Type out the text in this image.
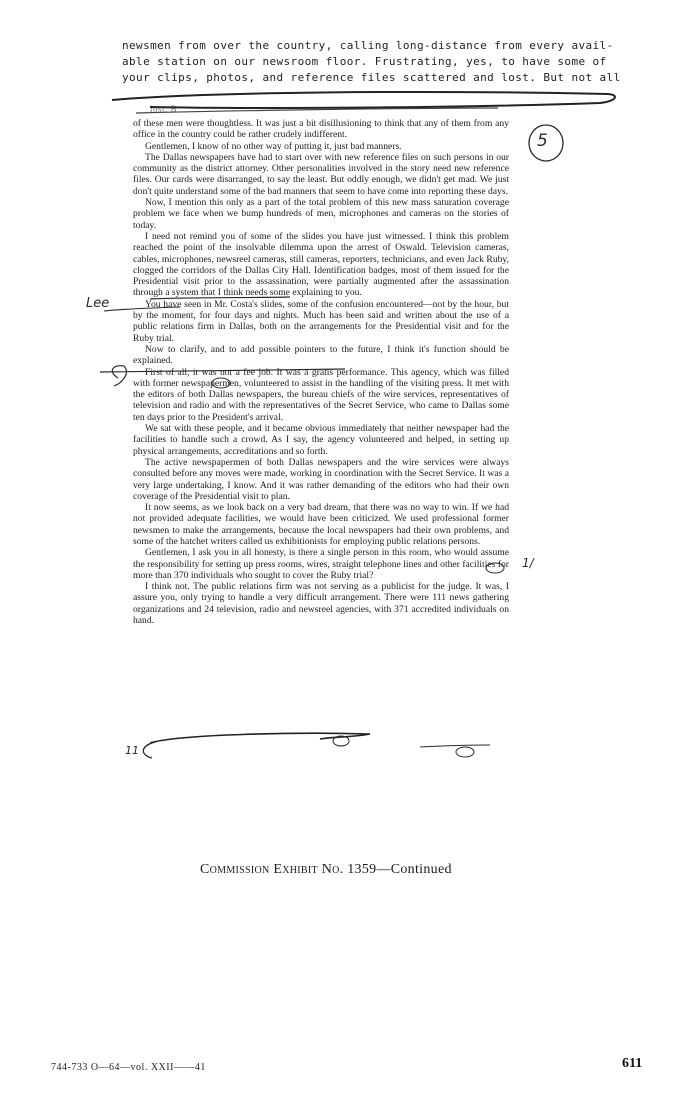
newsmen from over the country, calling long-distance from every avail-
able station on our newsroom floor. Frustrating, yes, to have some of
your clips, photos, and reference files scattered and lost. But not all
lost. B

of these men were thoughtless. It was just a bit disillusioning to think that any of them from any office in the country could be rather crudely indifferent.

Gentlemen, I know of no other way of putting it, just bad manners.

The Dallas newspapers have had to start over with new reference files on such persons in our community as the district attorney. Other personalities involved in the story need new reference files. Our cards were disarranged, to say the least. But oddly enough, we didn't get mad. We just don't quite understand some of the bad manners that seem to have come into reporting these days.

Now, I mention this only as a part of the total problem of this new mass saturation coverage problem we face when we bump hundreds of men, microphones and cameras on the stories of today.

I need not remind you of some of the slides you have just witnessed. I think this problem reached the point of the insolvable dilemma upon the arrest of Oswald. Television cameras, cables, microphones, newsreel cameras, still cameras, reporters, technicians, and even Jack Ruby, clogged the corridors of the Dallas City Hall. Identification badges, most of them issued for the Presidential visit prior to the assassination, were partially augmented after the assassination through a system that I think needs some explaining to you.

You have seen in Mr. Costa's slides, some of the confusion encountered—not by the hour, but by the moment, for four days and nights. Much has been said and written about the use of a public relations firm in Dallas, both on the arrangements for the Presidential visit and for the Ruby trial.

Now to clarify, and to add possible pointers to the future, I think it's function should be explained.

First of all, it was not a fee job. It was a gratis performance. This agency, which was filled with former newspapermen, volunteered to assist in the handling of the visiting press. It met with the editors of both Dallas newspapers, the bureau chiefs of the wire services, representatives of television and radio and with the representatives of the Secret Service, who came to Dallas some ten days prior to the President's arrival.

We sat with these people, and it became obvious immediately that neither newspaper had the facilities to handle such a crowd. As I say, the agency volunteered and helped, in setting up physical arrangements, accreditations and so forth.

The active newspapermen of both Dallas newspapers and the wire services were always consulted before any moves were made, working in coordination with the Secret Service. It was a very large undertaking, I know. And it was rather demanding of the editors who had their own coverage of the Presidential visit to plan.

It now seems, as we look back on a very bad dream, that there was no way to win. If we had not provided adequate facilities, we would have been criticized. We used professional former newsmen to make the arrangements, because the local newspapers had their own problems, and some of the hatchet writers called us exhibitionists for employing public relations persons.

Gentlemen, I ask you in all honesty, is there a single person in this room, who would assume the responsibility for setting up press rooms, wires, straight telephone lines and other facilities for more than 370 individuals who sought to cover the Ruby trial?

I think not. The public relations firm was not serving as a publicist for the judge. It was, I assure you, only trying to handle a very difficult arrangement. There were 111 news gathering organizations and 24 television, radio and newsreel agencies, with 371 accredited individuals on hand.

Commission Exhibit No. 1359—Continued
744-733 O—64—vol. XXII——41	611
5
Lee
1/
11
